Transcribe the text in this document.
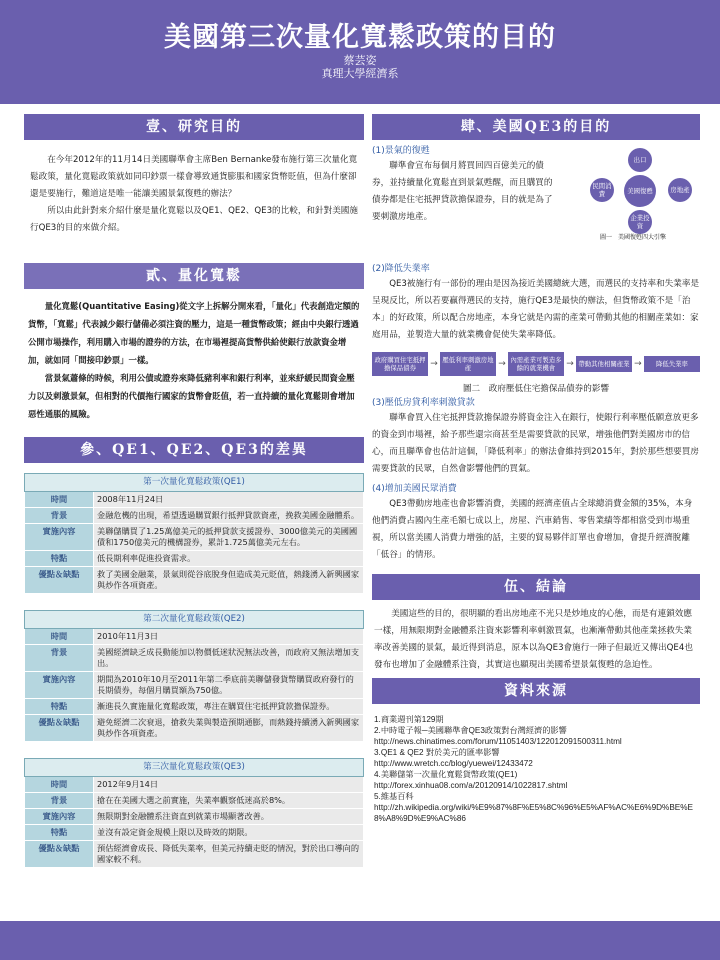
美國第三次量化寬鬆政策的目的
蔡芸姿
真理大學經濟系
壹、研究目的

在今年2012年的11月14日美國聯準會主席Ben Bernanke發布施行第三次量化寬鬆政策，量化寬鬆政策就如同印鈔票一樣會導致通貨膨脹和國家貨幣貶值，但為什麼卻還是要施行，難道這是唯一能讓美國景氣復甦的辦法？

所以由此針對來介紹什麼是量化寬鬆以及QE1、QE2、QE3的比較，和針對美國施行QE3的目的來做介紹。

貳、量化寬鬆

量化寬鬆(Quantitative Easing)從文字上拆解分開來看，「量化」代表創造定額的貨幣，「寬鬆」代表減少銀行儲備必須注資的壓力，這是一種貨幣政策；經由中央銀行透過公開市場操作，利用購入市場的證券的方法，在市場裡提高貨幣供給使銀行放款資金增加，就如同「間接印鈔票」一樣。

當景氣蕭條的時候，利用公債或證券來降低豬利率和銀行利率，並來紓緩民間資金壓力以及刺激景氣，但相對的代價拖行國家的貨幣會貶值，若一直持續的量化寬鬆則會增加惡性通脹的風險。

參、QE1、QE2、QE3的差異
第一次量化寬鬆政策(QE1)	
時間	2008年11月24日
背景	金融危機的出現，希望透過購買銀行抵押貸款資產，挽救美國金融體系。
實施內容	美聯儲購買了1.25萬億美元的抵押貸款支援證券、3000億美元的美國國債和1750億美元的機構證券，累計1.725萬億美元左右。
特點	低長期利率促進投資需求。
優點＆缺點	救了美國金融業，景氣則從谷底脫身但造成美元貶值，熱錢湧入新興國家與炒作各項資產。
第二次量化寬鬆政策(QE2)	
時間	2010年11月3日
背景	美國經濟缺乏成長動能加以物價低迷狀況無法改善，而政府又無法增加支出。
實施內容	期間為2010年10月至2011年第二季底前美聯儲發貨幣購買政府發行的長期債券，每個月購買額為750億。
特點	漸進長久實施量化寬鬆政策，專注在購買住宅抵押貸款擔保證券。
優點＆缺點	避免經濟二次衰退，搶救失業與製造預期通膨，而熱錢持續湧入新興國家與炒作各項資產。
第三次量化寬鬆政策(QE3)	
時間	2012年9月14日
背景	搶在在美國大選之前實施，失業率觀察低迷高於8%。
實施內容	無限期對金融體系注資直到就業市場顯著改善。
特點	並沒有設定資金規模上限以及時效的期限。
優點＆缺點	預估經濟會成長、降低失業率，但美元持續走貶的情況，對於出口導向的國家較不利。
肆、美國QE3的目的

(1)景氣的復甦

聯準會宣布每個月將買回四百億美元的債券，並持續量化寬鬆直到景氣甦醒，而且購買的債券都是住宅抵押貸款擔保證券，目的就是為了要刺激房地產。

出口
民間消費	美國復甦	房地產
企業投資
圖一　美國復甦四大引擎

(2)降低失業率

QE3被施行有一部份的理由是因為接近美國總統大選，而選民的支持率和失業率是呈現反比，所以若要贏得選民的支持，施行QE3是最快的辦法，但貨幣政策不是「治本」的好政策，所以配合房地產，本身它就是內需的產業可帶動其他的相關產業如：家庭用品，並製造大量的就業機會促使失業率降低。

政府購買住宅抵押擔保品債券	→ 壓低利率刺激房地產	→ 內需產業可製造多餘的就業機會	→ 帶動其他相關產業 →	降低失業率
圖二　政府壓低住宅擔保品債券的影響

(3)壓低房貸利率刺激貸款

聯準會買入住宅抵押貸款擔保證券將資金注入在銀行，使銀行利率壓低願意放更多的資金到市場裡，給予那些還宗商甚至是需要貸款的民眾，增強他們對美國房市的信心，而且聯準會也估計這個，「降低利率」的辦法會維持到2015年，對於那些想要買房需要貸款的民眾，自然會影響他們的買氣。

(4)增加美國民眾消費

QE3帶動房地產也會影響消費，美國的經濟產值占全球總消費金額的35%，本身他們消費占國內生產毛額七成以上，房屋、汽車銷售、零售業績等都相當受到市場重視，所以當美國人消費力增強的話，主要的貿易夥伴訂單也會增加，會提升經濟脫離「低谷」的情形。

伍、結論

美國這些的目的，很明顯的看出房地產不光只是炒地皮的心態，而是有連鎖效應一樣，用無限期對金融體系注資來影響利率刺激買氣，也漸漸帶動其他產業拯救失業率改善美國的景氣，最近得到消息，原本以為QE3會施行一陣子但最近又傳出QE4也發布也增加了金融體系注資，其實這也顯現出美國希望景氣復甦的急迫性。

資料來源

1.商業週刊第129期

2.中時電子報─美國聯準會QE3政策對台灣經濟的影響

http://news.chinatimes.com/forum/11051403/122012091500311.html

3.QE1 & QE2 對於美元的匯率影響

http://www.wretch.cc/blog/yuewei/12433472

4.美聯儲第一次量化寬鬆貨幣政策(QE1)

http://forex.xinhua08.com/a/20120914/1022817.shtml

5.維基百科

http://zh.wikipedia.org/wiki/%E9%87%8F%E5%8C%96%E5%AF%AC%E6%9D%BE%E8%A8%9D%E9%AC%86
